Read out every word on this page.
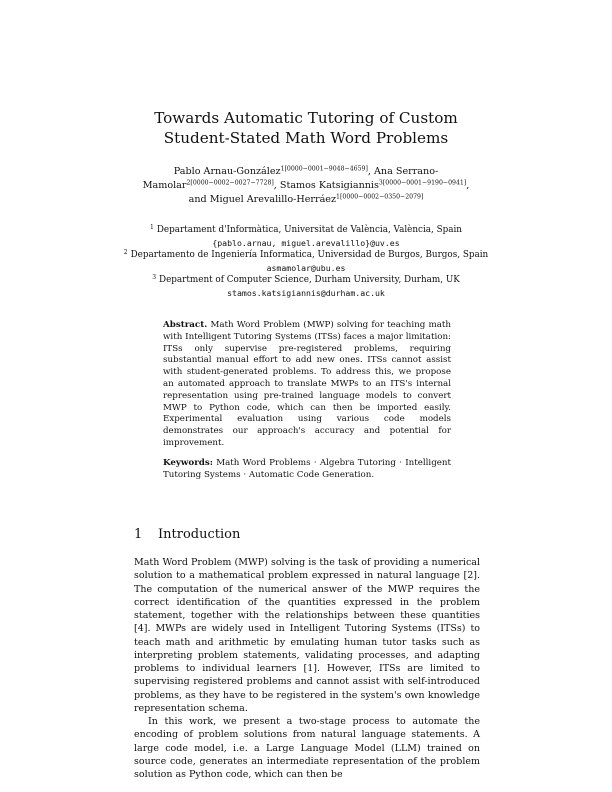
Towards Automatic Tutoring of Custom
Student-Stated Math Word Problems
Pablo Arnau-González$^{1[0000-0001-9048-4659]}$, Ana Serrano-Mamolar$^{2[0000-0002-0027-7728]}$, Stamos Katsigiannis$^{3[0000-0001-9190-0941]}$, and Miguel Arevalillo-Herráez$^{1[0000-0002-0350-2079]}$
$^1$ Departament d'Informàtica, Universitat de València, València, Spain
{pablo.arnau, miguel.arevalillo}@uv.es
$^2$ Departamento de Ingeniería Informatica, Universidad de Burgos, Burgos, Spain
asmamolar@ubu.es
$^3$ Department of Computer Science, Durham University, Durham, UK
stamos.katsigiannis@durham.ac.uk
Abstract. Math Word Problem (MWP) solving for teaching math with Intelligent Tutoring Systems (ITSs) faces a major limitation: ITSs only supervise pre-registered problems, requiring substantial manual effort to add new ones. ITSs cannot assist with student-generated problems. To address this, we propose an automated approach to translate MWPs to an ITS's internal representation using pre-trained language models to convert MWP to Python code, which can then be imported easily. Experimental evaluation using various code models demonstrates our approach's accuracy and potential for improvement.
Keywords: Math Word Problems · Algebra Tutoring · Intelligent Tutoring Systems · Automatic Code Generation.
1 Introduction

Math Word Problem (MWP) solving is the task of providing a numerical solution to a mathematical problem expressed in natural language [2]. The computation of the numerical answer of the MWP requires the correct identification of the quantities expressed in the problem statement, together with the relationships between these quantities [4]. MWPs are widely used in Intelligent Tutoring Systems (ITSs) to teach math and arithmetic by emulating human tutor tasks such as interpreting problem statements, validating processes, and adapting problems to individual learners [1]. However, ITSs are limited to supervising registered problems and cannot assist with self-introduced problems, as they have to be registered in the system's own knowledge representation schema.

In this work, we present a two-stage process to automate the encoding of problem solutions from natural language statements. A large code model, i.e. a Large Language Model (LLM) trained on source code, generates an intermediate representation of the problem solution as Python code, which can then be
